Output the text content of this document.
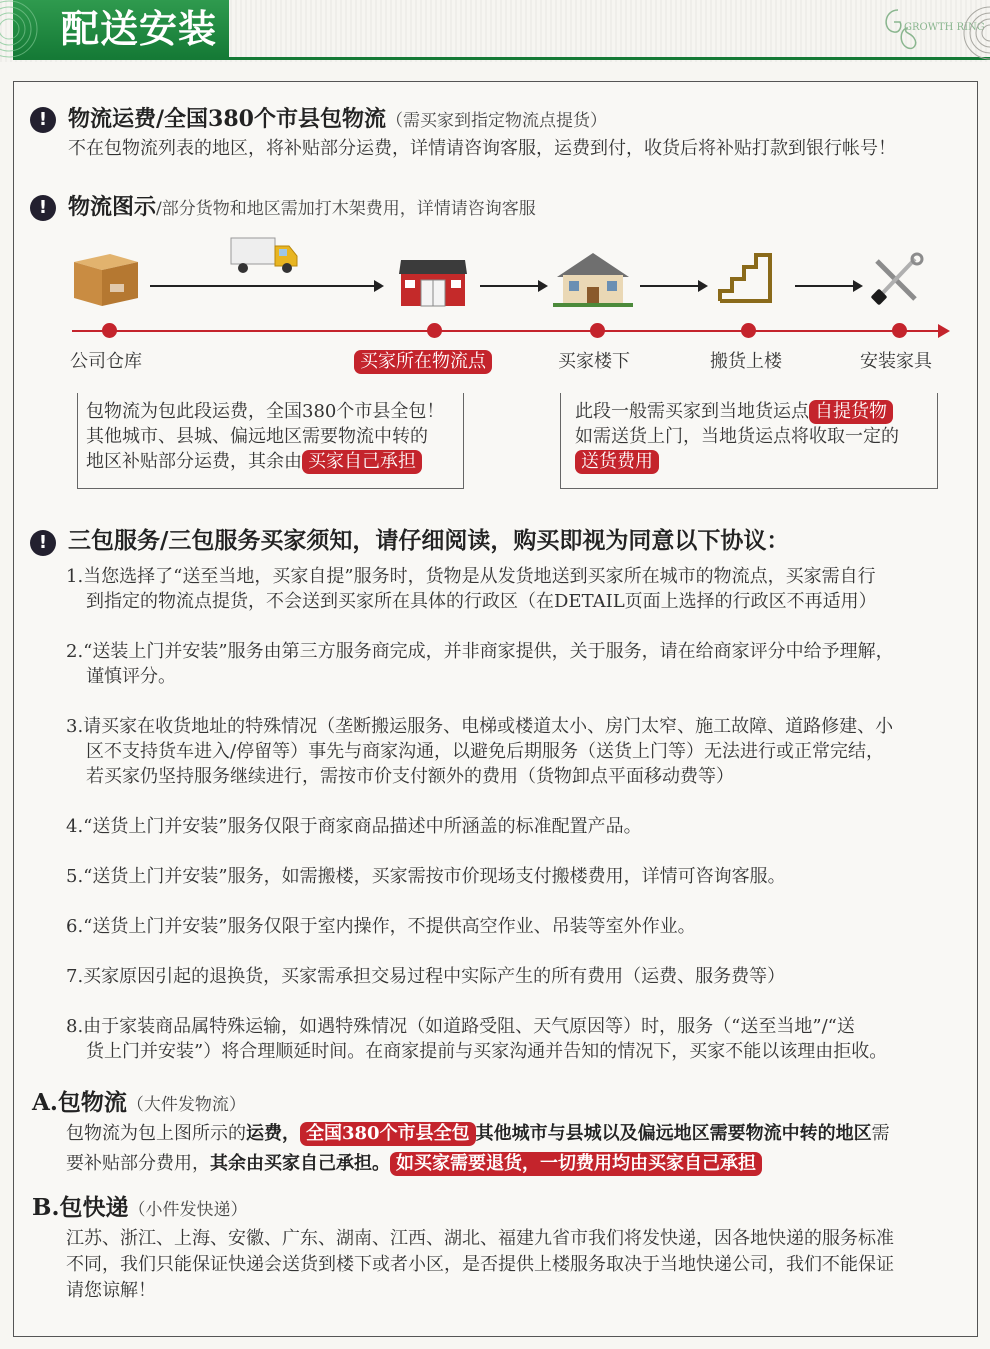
配送安装	GROWTH RING
! 物流运费/全国380个市县包物流（需买家到指定物流点提货）
不在包物流列表的地区，将补贴部分运费，详情请咨询客服，运费到付，收货后将补贴打款到银行帐号！
! 物流图示/部分货物和地区需加打木架费用，详情请咨询客服
公司仓库	买家所在物流点	买家楼下	搬货上楼	安装家具
包物流为包此段运费，全国380个市县全包！
其他城市、县城、偏远地区需要物流中转的
地区补贴部分运费，其余由 买家自己承担
此段一般需买家到当地货运点 自提货物
如需送货上门，当地货运点将收取一定的
送货费用
! 三包服务/三包服务买家须知，请仔细阅读，购买即视为同意以下协议：
1.当您选择了“送至当地，买家自提”服务时，货物是从发货地送到买家所在城市的物流点，买家需自行
到指定的物流点提货，不会送到买家所在具体的行政区（在DETAIL页面上选择的行政区不再适用）
2.“送装上门并安装”服务由第三方服务商完成，并非商家提供，关于服务，请在给商家评分中给予理解，
谨慎评分。
3.请买家在收货地址的特殊情况（垄断搬运服务、电梯或楼道太小、房门太窄、施工故障、道路修建、小
区不支持货车进入/停留等）事先与商家沟通，以避免后期服务（送货上门等）无法进行或正常完结，
若买家仍坚持服务继续进行，需按市价支付额外的费用（货物卸点平面移动费等）
4.“送货上门并安装”服务仅限于商家商品描述中所涵盖的标准配置产品。
5.“送货上门并安装”服务，如需搬楼，买家需按市价现场支付搬楼费用，详情可咨询客服。
6.“送货上门并安装”服务仅限于室内操作，不提供高空作业、吊装等室外作业。
7.买家原因引起的退换货，买家需承担交易过程中实际产生的所有费用（运费、服务费等）
8.由于家装商品属特殊运输，如遇特殊情况（如道路受阻、天气原因等）时，服务（“送至当地”/“送
货上门并安装”）将合理顺延时间。在商家提前与买家沟通并告知的情况下，买家不能以该理由拒收。
A.包物流（大件发物流）
包物流为包上图所示的运费， 全国380个市县全包 其他城市与县城以及偏远地区需要物流中转的地区需
要补贴部分费用，其余由买家自己承担。 如买家需要退货，一切费用均由买家自己承担
B.包快递（小件发快递）
江苏、浙江、上海、安徽、广东、湖南、江西、湖北、福建九省市我们将发快递，因各地快递的服务标准
不同，我们只能保证快递会送货到楼下或者小区，是否提供上楼服务取决于当地快递公司，我们不能保证
请您谅解！
